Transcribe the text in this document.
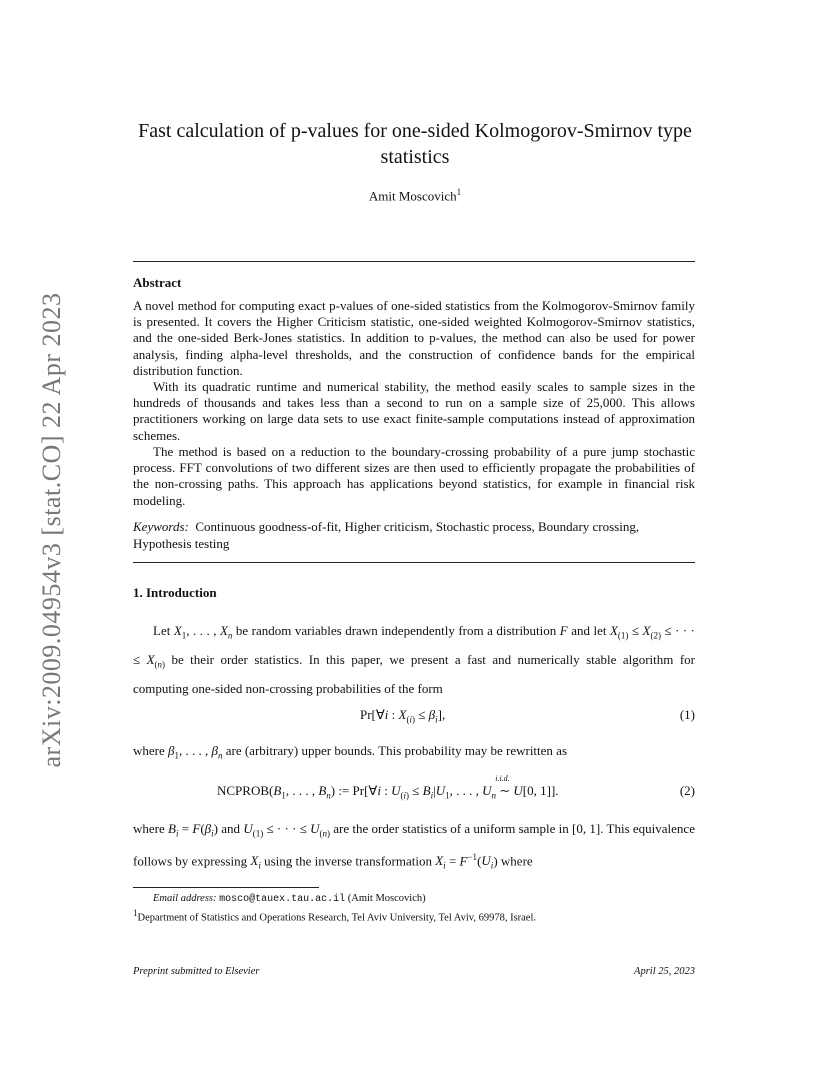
arXiv:2009.04954v3 [stat.CO] 22 Apr 2023
Fast calculation of p-values for one-sided Kolmogorov-Smirnov type
statistics
Amit Moscovich$^1$
Abstract

A novel method for computing exact p-values of one-sided statistics from the Kolmogorov-Smirnov family is presented. It covers the Higher Criticism statistic, one-sided weighted Kolmogorov-Smirnov statistics, and the one-sided Berk-Jones statistics. In addition to p-values, the method can also be used for power analysis, finding alpha-level thresholds, and the construction of confidence bands for the empirical distribution function.

With its quadratic runtime and numerical stability, the method easily scales to sample sizes in the hundreds of thousands and takes less than a second to run on a sample size of 25,000. This allows practitioners working on large data sets to use exact finite-sample computations instead of approximation schemes.

The method is based on a reduction to the boundary-crossing probability of a pure jump stochastic process. FFT convolutions of two different sizes are then used to efficiently propagate the probabilities of the non-crossing paths. This approach has applications beyond statistics, for example in financial risk modeling.

Keywords: Continuous goodness-of-fit, Higher criticism, Stochastic process, Boundary crossing, Hypothesis testing
1. Introduction

Let $X_1$, . . . , $X_n$ be random variables drawn independently from a distribution F and let $X_{(1)} \le X_{(2)}$ ≤ · · · ≤ $X_{(n)}$ be their order statistics. In this paper, we present a fast and numerically stable algorithm for computing one-sided non-crossing probabilities of the form

Pr[∀i : $X_{(i)} \le \beta_i$],	(1)

where $\beta_1$, . . . , $\beta_n$ are (arbitrary) upper bounds. This probability may be rewritten as

$NCPROB(B_1$, . . . , $B_n$) := Pr[∀i : $U_{(i)} \le B_i|U_1$, . . . , $U_n$
i.i.d.
∼ U[0, 1]].	(2)

where $B_i = F(\beta_i)$ and $U_{(1)}$ ≤ · · · ≤ $U_{(n)}$ are the order statistics of a uniform sample in [0, 1]. This equivalence follows by expressing $X_i$ using the inverse transformation $X_i = F^{-1}(U_i)$ where

Email address: mosco@tauex.tau.ac.il (Amit Moscovich)
$^1$Department of Statistics and Operations Research, Tel Aviv University, Tel Aviv, 69978, Israel.
Preprint submitted to Elsevier	April 25, 2023
